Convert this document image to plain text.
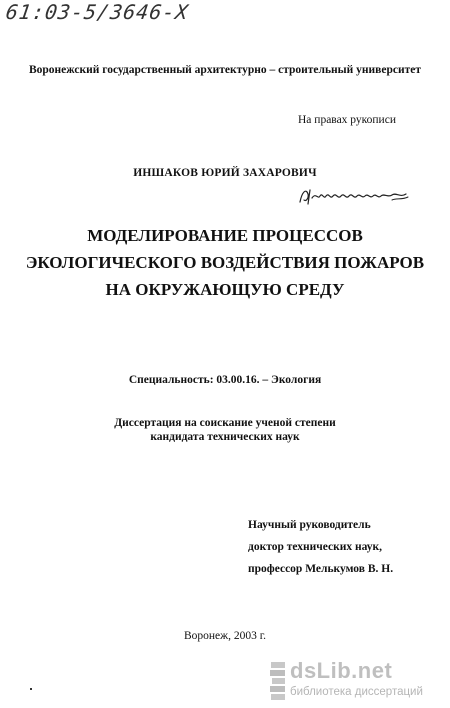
61:03-5/3646-X
Воронежский государственный архитектурно – строительный университет
На правах рукописи
ИНШАКОВ ЮРИЙ ЗАХАРОВИЧ
МОДЕЛИРОВАНИЕ ПРОЦЕССОВ
ЭКОЛОГИЧЕСКОГО ВОЗДЕЙСТВИЯ ПОЖАРОВ
НА ОКРУЖАЮЩУЮ СРЕДУ
Специальность: 03.00.16. – Экология
Диссертация на соискание ученой степени
кандидата технических наук
Научный руководитель
доктор технических наук,
профессор Мелькумов В. Н.
Воронеж, 2003 г.
dsLib.net
библиотека диссертаций
